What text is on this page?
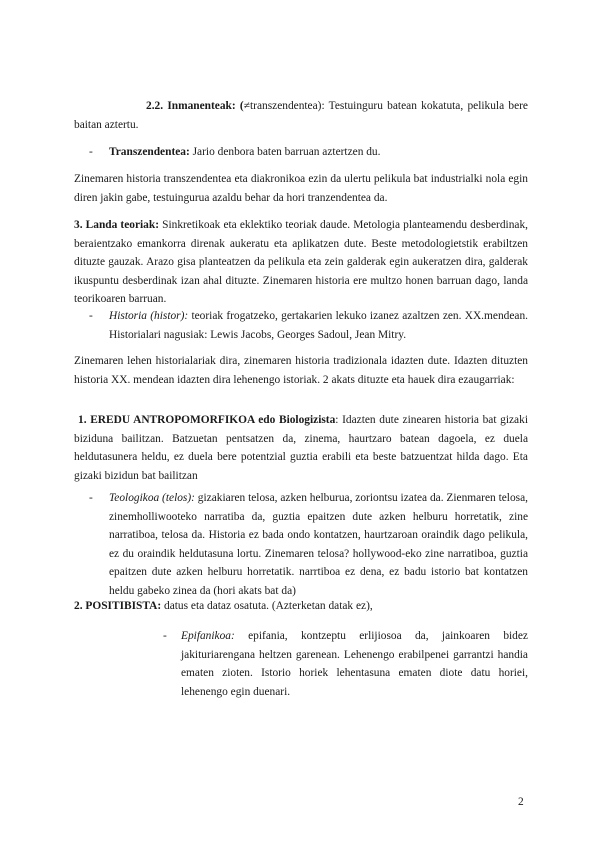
2.2. Inmanenteak: (≠transzendentea): Testuinguru batean kokatuta, pelikula bere baitan aztertu.

- Transzendentea: Jario denbora baten barruan aztertzen du.

Zinemaren historia transzendentea eta diakronikoa ezin da ulertu pelikula bat industrialki nola egin diren jakin gabe, testuingurua azaldu behar da hori tranzendentea da.

3. Landa teoriak: Sinkretikoak eta eklektiko teoriak daude. Metologia planteamendu desberdinak, beraientzako emankorra direnak aukeratu eta aplikatzen dute. Beste metodologietstik erabiltzen dituzte gauzak. Arazo gisa planteatzen da pelikula eta zein galderak egin aukeratzen dira, galderak ikuspuntu desberdinak izan ahal dituzte. Zinemaren historia ere multzo honen barruan dago, landa teorikoaren barruan.

- Historia (histor): teoriak frogatzeko, gertakarien lekuko izanez azaltzen zen. XX.mendean. Historialari nagusiak: Lewis Jacobs, Georges Sadoul, Jean Mitry.

Zinemaren lehen historialariak dira, zinemaren historia tradizionala idazten dute. Idazten dituzten historia XX. mendean idazten dira lehenengo istoriak. 2 akats dituzte eta hauek dira ezaugarriak:

1. EREDU ANTROPOMORFIKOA edo Biologizista: Idazten dute zinearen historia bat gizaki biziduna bailitzan. Batzuetan pentsatzen da, zinema, haurtzaro batean dagoela, ez duela heldutasunera heldu, ez duela bere potentzial guztia erabili eta beste batzuentzat hilda dago. Eta gizaki bizidun bat bailitzan

- Teologikoa (telos): gizakiaren telosa, azken helburua, zoriontsu izatea da. Zienmaren telosa, zinemholliwooteko narratiba da, guztia epaitzen dute azken helburu horretatik, zine narratiboa, telosa da. Historia ez bada ondo kontatzen, haurtzaroan oraindik dago pelikula, ez du oraindik heldutasuna lortu. Zinemaren telosa? hollywood-eko zine narratiboa, guztia epaitzen dute azken helburu horretatik. narrtiboa ez dena, ez badu istorio bat kontatzen heldu gabeko zinea da (hori akats bat da)

2. POSITIBISTA: datus eta dataz osatuta. (Azterketan datak ez),

- Epifanikoa: epifania, kontzeptu erlijiosoa da, jainkoaren bidez jakituriarengana heltzen garenean. Lehenengo erabilpenei garrantzi handia ematen zioten. Istorio horiek lehentasuna ematen diote datu horiei, lehenengo egin duenari.

2
